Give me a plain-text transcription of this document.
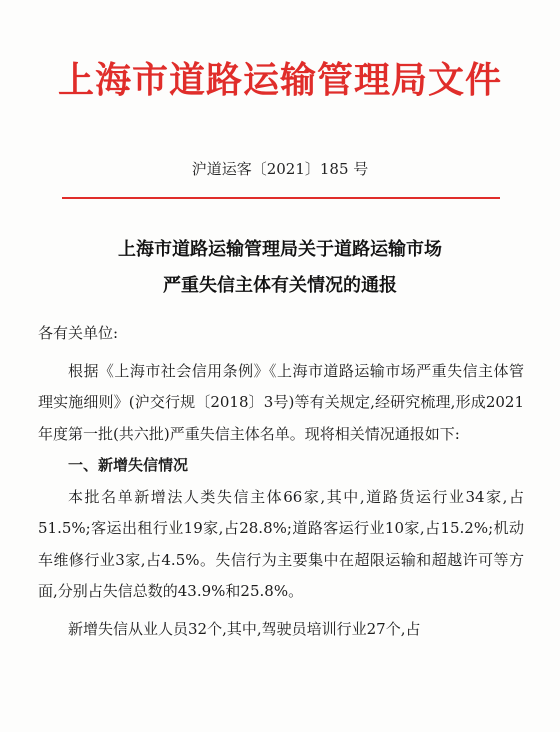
上海市道路运输管理局文件
沪道运客〔2021〕185 号
上海市道路运输管理局关于道路运输市场
严重失信主体有关情况的通报

各有关单位:

根据《上海市社会信用条例》《上海市道路运输市场严重失信主体管理实施细则》(沪交行规〔2018〕3号)等有关规定,经研究梳理,形成2021年度第一批(共六批)严重失信主体名单。现将相关情况通报如下:

一、新增失信情况

本批名单新增法人类失信主体66家,其中,道路货运行业34家,占51.5%;客运出租行业19家,占28.8%;道路客运行业10家,占15.2%;机动车维修行业3家,占4.5%。失信行为主要集中在超限运输和超越许可等方面,分别占失信总数的43.9%和25.8%。

新增失信从业人员32个,其中,驾驶员培训行业27个,占
